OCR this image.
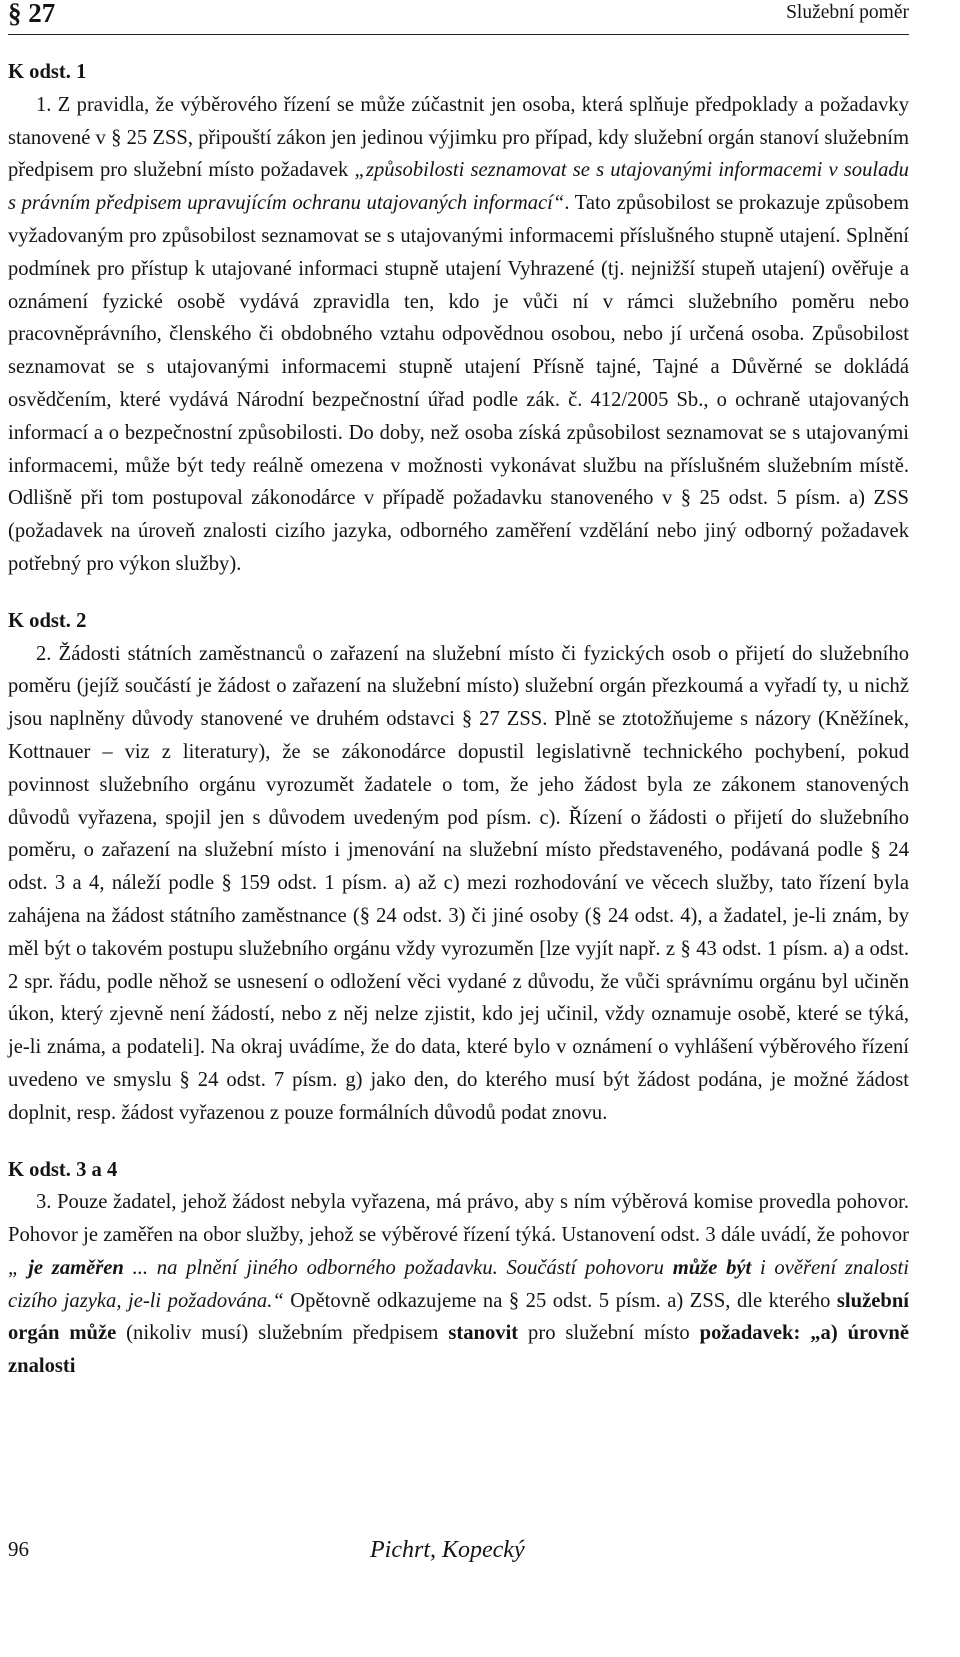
§ 27	Služební poměr
K odst. 1

1. Z pravidla, že výběrového řízení se může zúčastnit jen osoba, která splňuje předpoklady a požadavky stanovené v § 25 ZSS, připouští zákon jen jedinou výjimku pro případ, kdy služební orgán stanoví služebním předpisem pro služební místo požadavek „způsobilosti seznamovat se s utajovanými informacemi v souladu s právním předpisem upravujícím ochranu utajovaných informací“. Tato způsobilost se prokazuje způsobem vyžadovaným pro způsobilost seznamovat se s utajovanými informacemi příslušného stupně utajení. Splnění podmínek pro přístup k utajované informaci stupně utajení Vyhrazené (tj. nejnižší stupeň utajení) ověřuje a oznámení fyzické osobě vydává zpravidla ten, kdo je vůči ní v rámci služebního poměru nebo pracovněprávního, členského či obdobného vztahu odpovědnou osobou, nebo jí určená osoba. Způsobilost seznamovat se s utajovanými informacemi stupně utajení Přísně tajné, Tajné a Důvěrné se dokládá osvědčením, které vydává Národní bezpečnostní úřad podle zák. č. 412/2005 Sb., o ochraně utajovaných informací a o bezpečnostní způsobilosti. Do doby, než osoba získá způsobilost seznamovat se s utajovanými informacemi, může být tedy reálně omezena v možnosti vykonávat službu na příslušném služebním místě. Odlišně při tom postupoval zákonodárce v případě požadavku stanoveného v § 25 odst. 5 písm. a) ZSS (požadavek na úroveň znalosti cizího jazyka, odborného zaměření vzdělání nebo jiný odborný požadavek potřebný pro výkon služby).

K odst. 2

2. Žádosti státních zaměstnanců o zařazení na služební místo či fyzických osob o přijetí do služebního poměru (jejíž součástí je žádost o zařazení na služební místo) služební orgán přezkoumá a vyřadí ty, u nichž jsou naplněny důvody stanovené ve druhém odstavci § 27 ZSS. Plně se ztotožňujeme s názory (Kněžínek, Kottnauer – viz z literatury), že se zákonodárce dopustil legislativně technického pochybení, pokud povinnost služebního orgánu vyrozumět žadatele o tom, že jeho žádost byla ze zákonem stanovených důvodů vyřazena, spojil jen s důvodem uvedeným pod písm. c). Řízení o žádosti o přijetí do služebního poměru, o zařazení na služební místo i jmenování na služební místo představeného, podávaná podle § 24 odst. 3 a 4, náleží podle § 159 odst. 1 písm. a) až c) mezi rozhodování ve věcech služby, tato řízení byla zahájena na žádost státního zaměstnance (§ 24 odst. 3) či jiné osoby (§ 24 odst. 4), a žadatel, je-li znám, by měl být o takovém postupu služebního orgánu vždy vyrozuměn [lze vyjít např. z § 43 odst. 1 písm. a) a odst. 2 spr. řádu, podle něhož se usnesení o odložení věci vydané z důvodu, že vůči správnímu orgánu byl učiněn úkon, který zjevně není žádostí, nebo z něj nelze zjistit, kdo jej učinil, vždy oznamuje osobě, které se týká, je-li známa, a podateli]. Na okraj uvádíme, že do data, které bylo v oznámení o vyhlášení výběrového řízení uvedeno ve smyslu § 24 odst. 7 písm. g) jako den, do kterého musí být žádost podána, je možné žádost doplnit, resp. žádost vyřazenou z pouze formálních důvodů podat znovu.

K odst. 3 a 4

3. Pouze žadatel, jehož žádost nebyla vyřazena, má právo, aby s ním výběrová komise provedla pohovor. Pohovor je zaměřen na obor služby, jehož se výběrové řízení týká. Ustanovení odst. 3 dále uvádí, že pohovor „ je zaměřen ... na plnění jiného odborného požadavku. Součástí pohovoru může být i ověření znalosti cizího jazyka, je-li požadována.“ Opětovně odkazujeme na § 25 odst. 5 písm. a) ZSS, dle kterého služební orgán může (nikoliv musí) služebním předpisem stanovit pro služební místo požadavek: „a) úrovně znalosti

96	Pichrt, Kopecký
